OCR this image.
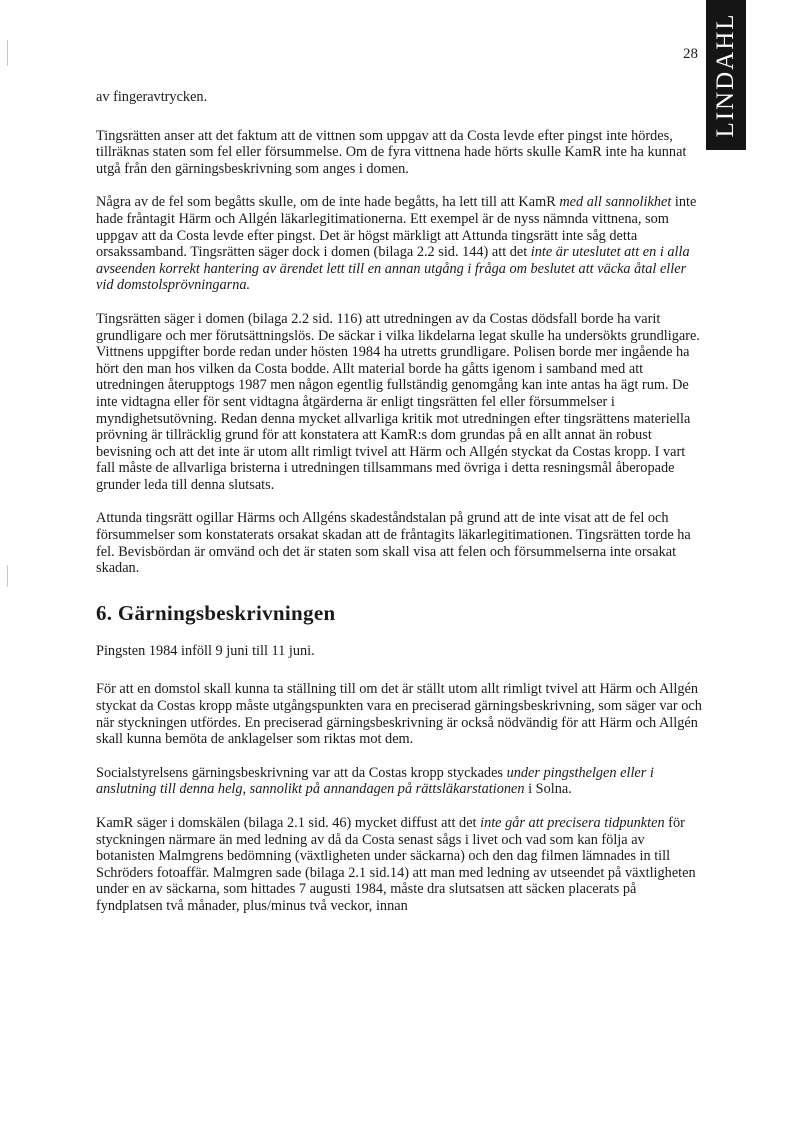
28 LINDAHL

av fingeravtrycken.

Tingsrätten anser att det faktum att de vittnen som uppgav att da Costa levde efter pingst inte hördes, tillräknas staten som fel eller försummelse. Om de fyra vittnena hade hörts skulle KamR inte ha kunnat utgå från den gärningsbeskrivning som anges i domen.

Några av de fel som begåtts skulle, om de inte hade begåtts, ha lett till att KamR med all sannolikhet inte hade fråntagit Härm och Allgén läkarlegitimationerna. Ett exempel är de nyss nämnda vittnena, som uppgav att da Costa levde efter pingst. Det är högst märkligt att Attunda tingsrätt inte såg detta orsakssamband. Tingsrätten säger dock i domen (bilaga 2.2 sid. 144) att det inte är uteslutet att en i alla avseenden korrekt hantering av ärendet lett till en annan utgång i fråga om beslutet att väcka åtal eller vid domstolsprövningarna.

Tingsrätten säger i domen (bilaga 2.2 sid. 116) att utredningen av da Costas dödsfall borde ha varit grundligare och mer förutsättningslös. De säckar i vilka likdelarna legat skulle ha undersökts grundligare. Vittnens uppgifter borde redan under hösten 1984 ha utretts grundligare. Polisen borde mer ingående ha hört den man hos vilken da Costa bodde. Allt material borde ha gåtts igenom i samband med att utredningen återupptogs 1987 men någon egentlig fullständig genomgång kan inte antas ha ägt rum. De inte vidtagna eller för sent vidtagna åtgärderna är enligt tingsrätten fel eller försummelser i myndighetsutövning. Redan denna mycket allvarliga kritik mot utredningen efter tingsrättens materiella prövning är tillräcklig grund för att konstatera att KamR:s dom grundas på en allt annat än robust bevisning och att det inte är utom allt rimligt tvivel att Härm och Allgén styckat da Costas kropp. I vart fall måste de allvarliga bristerna i utredningen tillsammans med övriga i detta resningsmål åberopade grunder leda till denna slutsats.

Attunda tingsrätt ogillar Härms och Allgéns skadeståndstalan på grund att de inte visat att de fel och försummelser som konstaterats orsakat skadan att de fråntagits läkarlegitimationen. Tingsrätten torde ha fel. Bevisbördan är omvänd och det är staten som skall visa att felen och försummelserna inte orsakat skadan.

6. Gärningsbeskrivningen

Pingsten 1984 inföll 9 juni till 11 juni.

För att en domstol skall kunna ta ställning till om det är ställt utom allt rimligt tvivel att Härm och Allgén styckat da Costas kropp måste utgångspunkten vara en preciserad gärningsbeskrivning, som säger var och när styckningen utfördes. En preciserad gärningsbeskrivning är också nödvändig för att Härm och Allgén skall kunna bemöta de anklagelser som riktas mot dem.

Socialstyrelsens gärningsbeskrivning var att da Costas kropp styckades under pingsthelgen eller i anslutning till denna helg, sannolikt på annandagen på rättsläkarstationen i Solna.

KamR säger i domskälen (bilaga 2.1 sid. 46) mycket diffust att det inte går att precisera tidpunkten för styckningen närmare än med ledning av då da Costa senast sågs i livet och vad som kan följa av botanisten Malmgrens bedömning (växtligheten under säckarna) och den dag filmen lämnades in till Schröders fotoaffär. Malmgren sade (bilaga 2.1 sid.14) att man med ledning av utseendet på växtligheten under en av säckarna, som hittades 7 augusti 1984, måste dra slutsatsen att säcken placerats på fyndplatsen två månader, plus/minus två veckor, innan
